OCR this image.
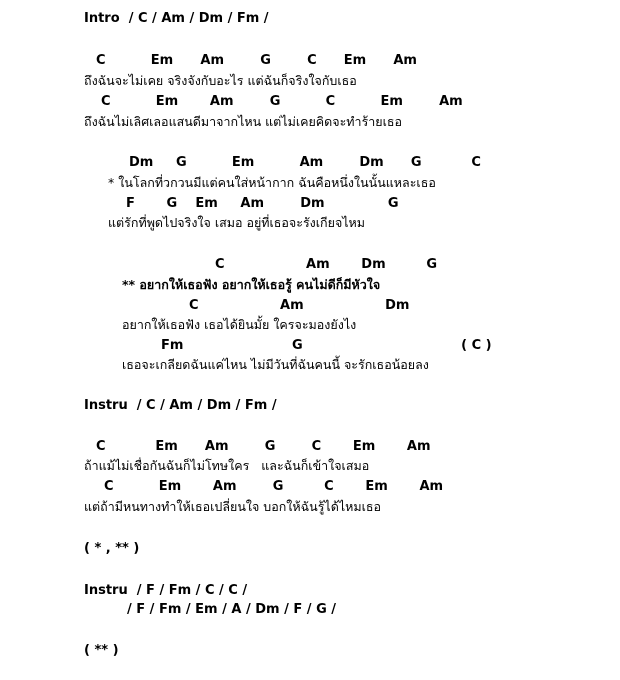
Intro  / C / Am / Dm / Fm /
C          Em      Am        G        C      Em      Am
ถึงฉันจะไม่เคย จริงจังกับอะไร แต่ฉันก็จริงใจกับเธอ
C          Em       Am        G          C          Em        Am
ถึงฉันไม่เลิศเลอแสนดีมาจากไหน แต่ไม่เคยคิดจะทำร้ายเธอ
Dm     G          Em          Am        Dm      G           C
* ในโลกที่วกวนมีแต่คนใส่หน้ากาก ฉันคือหนึ่งในนั้นแหละเธอ
F       G    Em     Am        Dm              G
แต่รักที่พูดไปจริงใจ เสมอ อยู่ที่เธอจะรังเกียจไหม
C                  Am       Dm         G
** อยากให้เธอฟัง อยากให้เธอรู้ คนไม่ดีก็มีหัวใจ
C                  Am                  Dm
อยากให้เธอฟัง เธอได้ยินมั้ย ใครจะมองยังไง
Fm                        G                                   ( C )
เธอจะเกลียดฉันแค่ไหน ไม่มีวันที่ฉันคนนี้ จะรักเธอน้อยลง
Instru  / C / Am / Dm / Fm /
C           Em      Am        G        C       Em       Am
ถ้าแม้ไม่เชื่อกันฉันก็ไม่โทษใคร   และฉันก็เข้าใจเสมอ
C          Em       Am        G         C       Em       Am
แต่ถ้ามีหนทางทำให้เธอเปลี่ยนใจ บอกให้ฉันรู้ได้ไหมเธอ
( * , ** )
Instru  / F / Fm / C / C /
/ F / Fm / Em / A / Dm / F / G /
( ** )
